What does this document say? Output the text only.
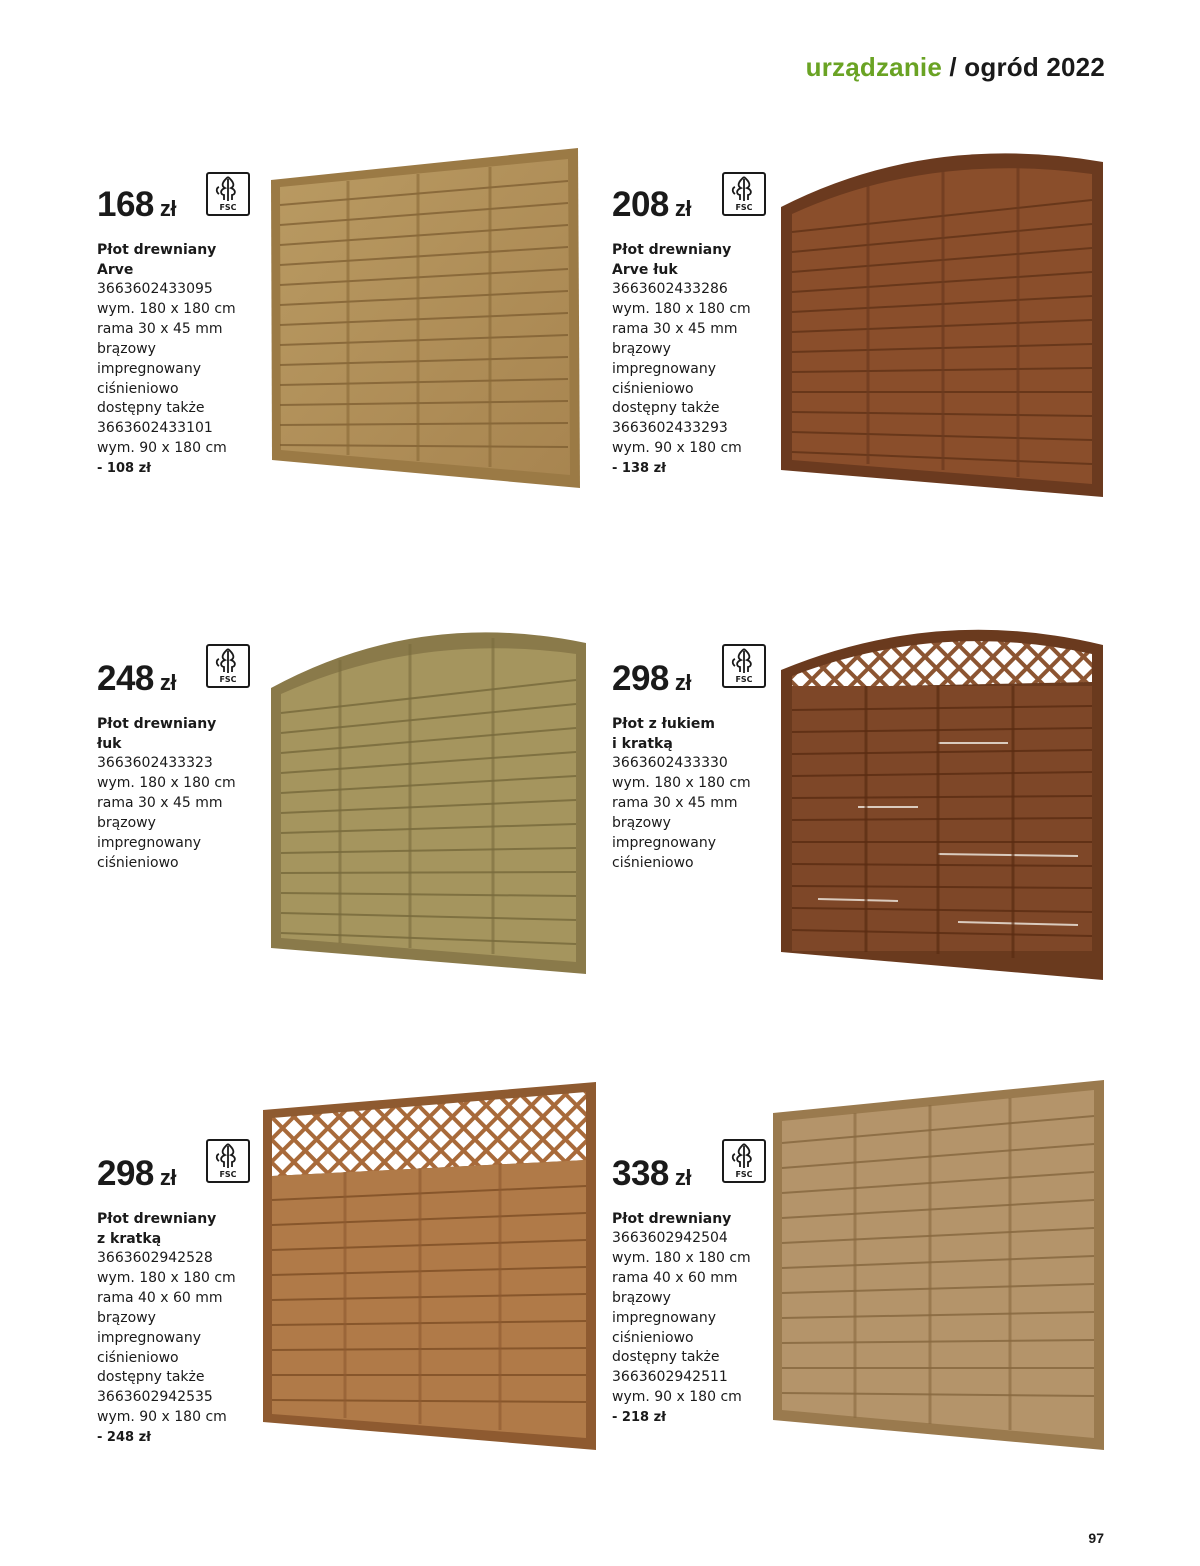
urządzanie / ogród 2022
168 zł
Płot drewniany
Arve
3663602433095
wym. 180 x 180 cm
rama 30 x 45 mm
brązowy
impregnowany
ciśnieniowo
dostępny także
3663602433101
wym. 90 x 180 cm
- 108 zł
FSC	208 zł
Płot drewniany
Arve łuk
3663602433286
wym. 180 x 180 cm
rama 30 x 45 mm
brązowy
impregnowany
ciśnieniowo
dostępny także
3663602433293
wym. 90 x 180 cm
- 138 zł
FSC
248 zł
Płot drewniany
łuk
3663602433323
wym. 180 x 180 cm
rama 30 x 45 mm
brązowy
impregnowany
ciśnieniowo
FSC	298 zł
Płot z łukiem
i kratką
3663602433330
wym. 180 x 180 cm
rama 30 x 45 mm
brązowy
impregnowany
ciśnieniowo
FSC
298 zł
Płot drewniany
z kratką
3663602942528
wym. 180 x 180 cm
rama 40 x 60 mm
brązowy
impregnowany
ciśnieniowo
dostępny także
3663602942535
wym. 90 x 180 cm
- 248 zł
FSC	338 zł
Płot drewniany
3663602942504
wym. 180 x 180 cm
rama 40 x 60 mm
brązowy
impregnowany
ciśnieniowo
dostępny także
3663602942511
wym. 90 x 180 cm
- 218 zł
FSC
97
